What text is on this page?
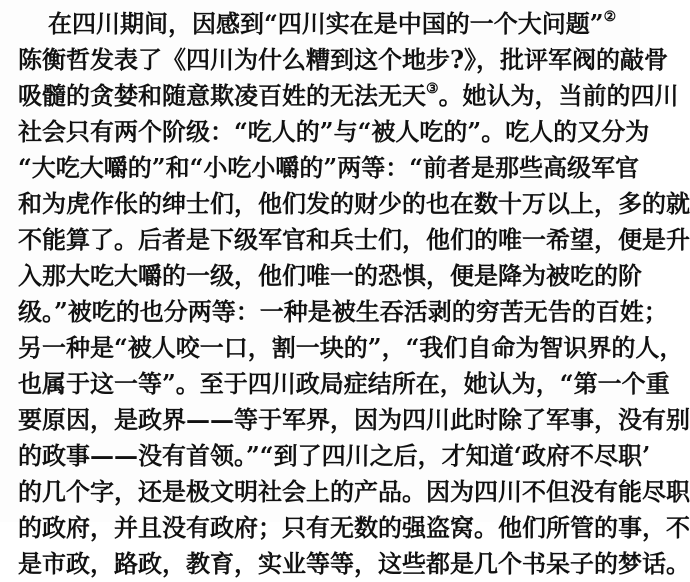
在四川期间，因感到“四川实在是中国的一个大问题”②
陈衡哲发表了《四川为什么糟到这个地步?》，批评军阀的敲骨
吸髓的贪婪和随意欺凌百姓的无法无天③。她认为，当前的四川
社会只有两个阶级：“吃人的”与“被人吃的”。吃人的又分为
“大吃大嚼的”和“小吃小嚼的”两等：“前者是那些高级军官
和为虎作伥的绅士们，他们发的财少的也在数十万以上，多的就
不能算了。后者是下级军官和兵士们，他们的唯一希望，便是升
入那大吃大嚼的一级，他们唯一的恐惧，便是降为被吃的阶
级。”被吃的也分两等：一种是被生吞活剥的穷苦无告的百姓；
另一种是“被人咬一口，割一块的”，“我们自命为智识界的人，
也属于这一等”。至于四川政局症结所在，她认为，“第一个重
要原因，是政界——等于军界，因为四川此时除了军事，没有别
的政事——没有首领。”“到了四川之后，才知道‘政府不尽职’
的几个字，还是极文明社会上的产品。因为四川不但没有能尽职
的政府，并且没有政府；只有无数的强盗窝。他们所管的事，不
是市政，路政，教育，实业等等，这些都是几个书呆子的梦话。
